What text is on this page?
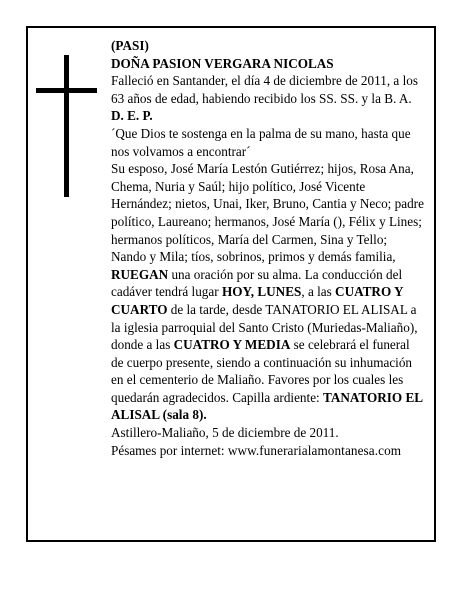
(PASI)

DOÑA PASION VERGARA NICOLAS

Falleció en Santander, el día 4 de diciembre de 2011, a los 63 años de edad, habiendo recibido los SS. SS. y la B. A.

D. E. P.

´Que Dios te sostenga en la palma de su mano, hasta que nos volvamos a encontrar´

Su esposo, José María Lestón Gutiérrez; hijos, Rosa Ana, Chema, Nuria y Saúl; hijo político, José Vicente Hernández; nietos, Unai, Iker, Bruno, Cantia y Neco; padre político, Laureano; hermanos, José María (), Félix y Lines; hermanos políticos, María del Carmen, Sina y Tello; Nando y Mila; tíos, sobrinos, primos y demás familia,

RUEGAN una oración por su alma. La conducción del cadáver tendrá lugar HOY, LUNES, a las CUATRO Y CUARTO de la tarde, desde TANATORIO EL ALISAL a la iglesia parroquial del Santo Cristo (Muriedas-Maliaño), donde a las CUATRO Y MEDIA se celebrará el funeral de cuerpo presente, siendo a continuación su inhumación en el cementerio de Maliaño. Favores por los cuales les quedarán agradecidos. Capilla ardiente: TANATORIO EL ALISAL (sala 8).

Astillero-Maliaño, 5 de diciembre de 2011.

Pésames por internet: www.funerarialamontanesa.com
